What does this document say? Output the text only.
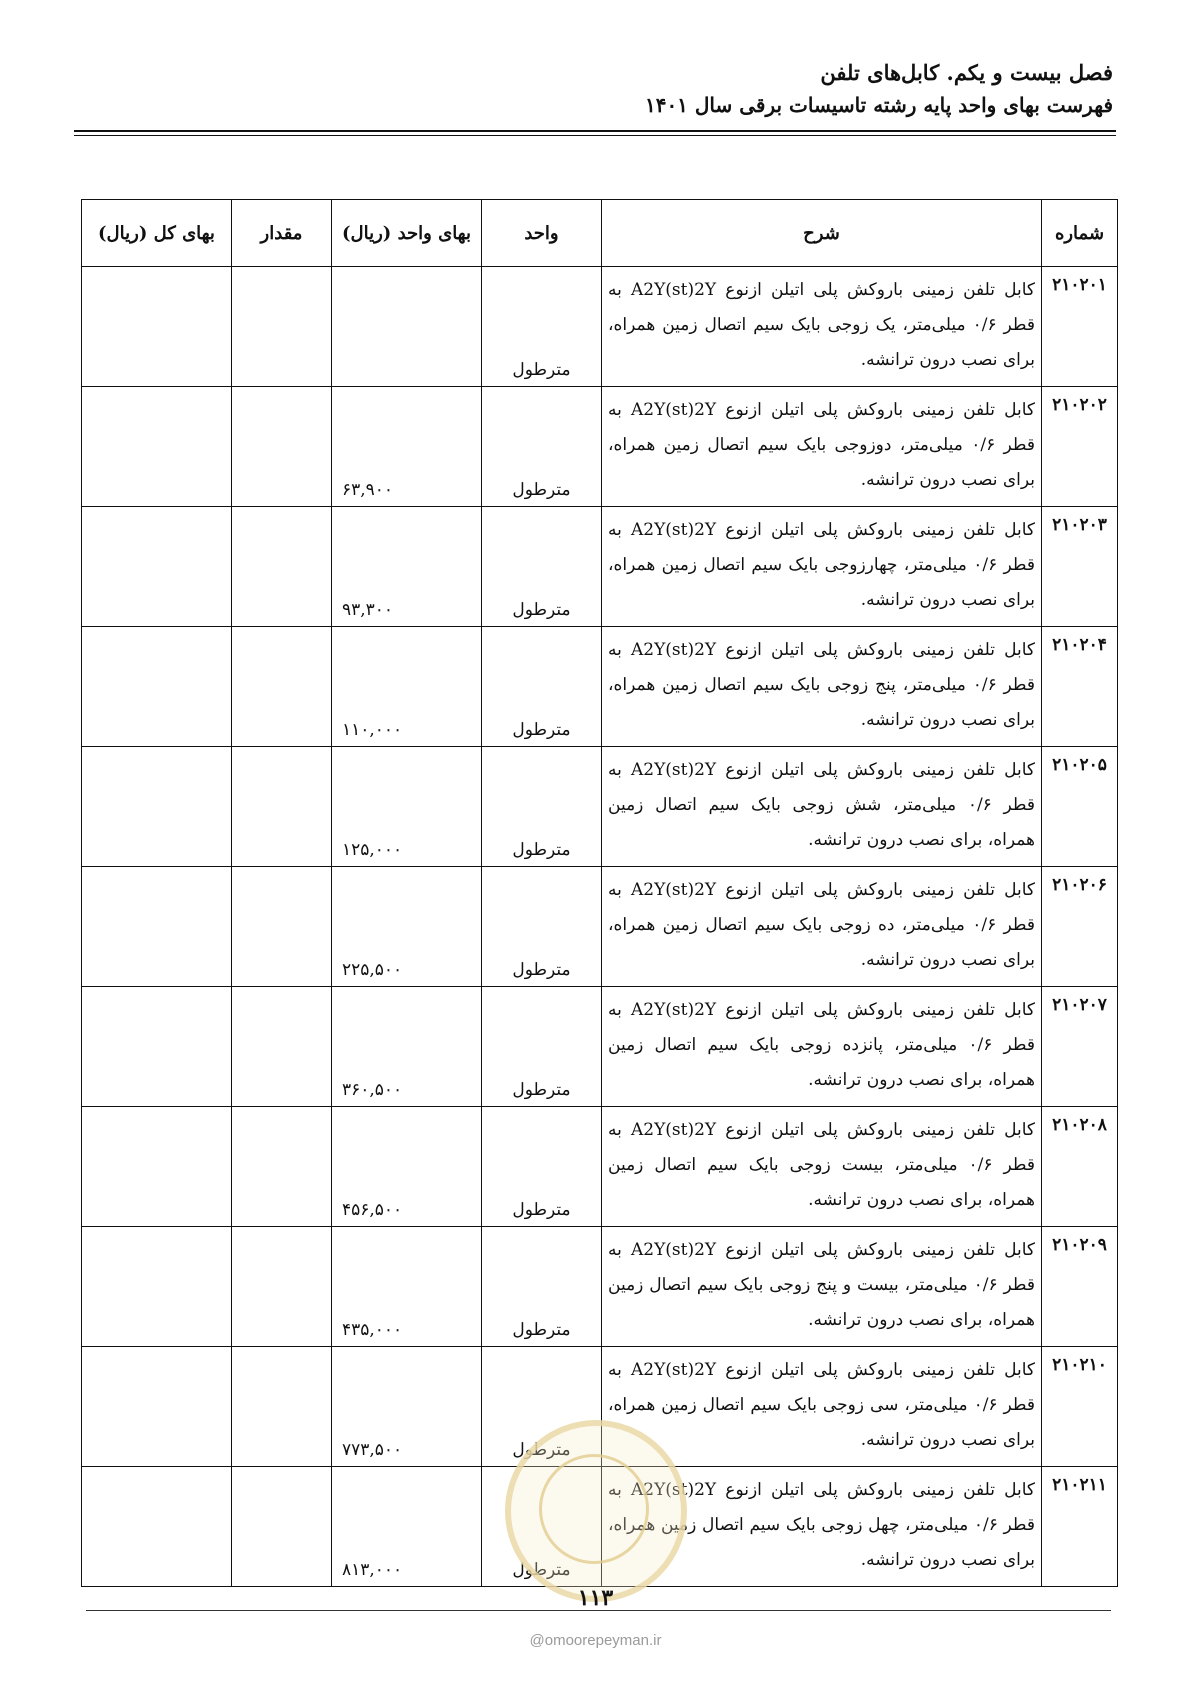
فصل بیست و یکم. کابل‌های تلفن
فهرست بهای واحد پایه رشته تاسیسات برقی سال ۱۴۰۱
شماره	شرح	واحد	بهای واحد (ریال)	مقدار	بهای کل (ریال)
۲۱۰۲۰۱	کابل تلفن زمینی باروکش پلی اتیلن ازنوع A2Y(st)2Y به قطر ۰/۶ میلی‌متر، یک زوجی بایک سیم اتصال زمین همراه، برای نصب درون ترانشه.	مترطول			
۲۱۰۲۰۲	کابل تلفن زمینی باروکش پلی اتیلن ازنوع A2Y(st)2Y به قطر ۰/۶ میلی‌متر، دوزوجی بایک سیم اتصال زمین همراه، برای نصب درون ترانشه.	مترطول	۶۳,۹۰۰		
۲۱۰۲۰۳	کابل تلفن زمینی باروکش پلی اتیلن ازنوع A2Y(st)2Y به قطر ۰/۶ میلی‌متر، چهارزوجی بایک سیم اتصال زمین همراه، برای نصب درون ترانشه.	مترطول	۹۳,۳۰۰		
۲۱۰۲۰۴	کابل تلفن زمینی باروکش پلی اتیلن ازنوع A2Y(st)2Y به قطر ۰/۶ میلی‌متر، پنج زوجی بایک سیم اتصال زمین همراه، برای نصب درون ترانشه.	مترطول	۱۱۰,۰۰۰		
۲۱۰۲۰۵	کابل تلفن زمینی باروکش پلی اتیلن ازنوع A2Y(st)2Y به قطر ۰/۶ میلی‌متر، شش زوجی بایک سیم اتصال زمین همراه، برای نصب درون ترانشه.	مترطول	۱۲۵,۰۰۰		
۲۱۰۲۰۶	کابل تلفن زمینی باروکش پلی اتیلن ازنوع A2Y(st)2Y به قطر ۰/۶ میلی‌متر، ده زوجی بایک سیم اتصال زمین همراه، برای نصب درون ترانشه.	مترطول	۲۲۵,۵۰۰		
۲۱۰۲۰۷	کابل تلفن زمینی باروکش پلی اتیلن ازنوع A2Y(st)2Y به قطر ۰/۶ میلی‌متر، پانزده زوجی بایک سیم اتصال زمین همراه، برای نصب درون ترانشه.	مترطول	۳۶۰,۵۰۰		
۲۱۰۲۰۸	کابل تلفن زمینی باروکش پلی اتیلن ازنوع A2Y(st)2Y به قطر ۰/۶ میلی‌متر، بیست زوجی بایک سیم اتصال زمین همراه، برای نصب درون ترانشه.	مترطول	۴۵۶,۵۰۰		
۲۱۰۲۰۹	کابل تلفن زمینی باروکش پلی اتیلن ازنوع A2Y(st)2Y به قطر ۰/۶ میلی‌متر، بیست و پنج زوجی بایک سیم اتصال زمین همراه، برای نصب درون ترانشه.	مترطول	۴۳۵,۰۰۰		
۲۱۰۲۱۰	کابل تلفن زمینی باروکش پلی اتیلن ازنوع A2Y(st)2Y به قطر ۰/۶ میلی‌متر، سی زوجی بایک سیم اتصال زمین همراه، برای نصب درون ترانشه.	مترطول	۷۷۳,۵۰۰		
۲۱۰۲۱۱	کابل تلفن زمینی باروکش پلی اتیلن ازنوع A2Y(st)2Y به قطر ۰/۶ میلی‌متر، چهل زوجی بایک سیم اتصال زمین همراه، برای نصب درون ترانشه.	مترطول	۸۱۳,۰۰۰		
۱۱۳
@omoorepeyman.ir
